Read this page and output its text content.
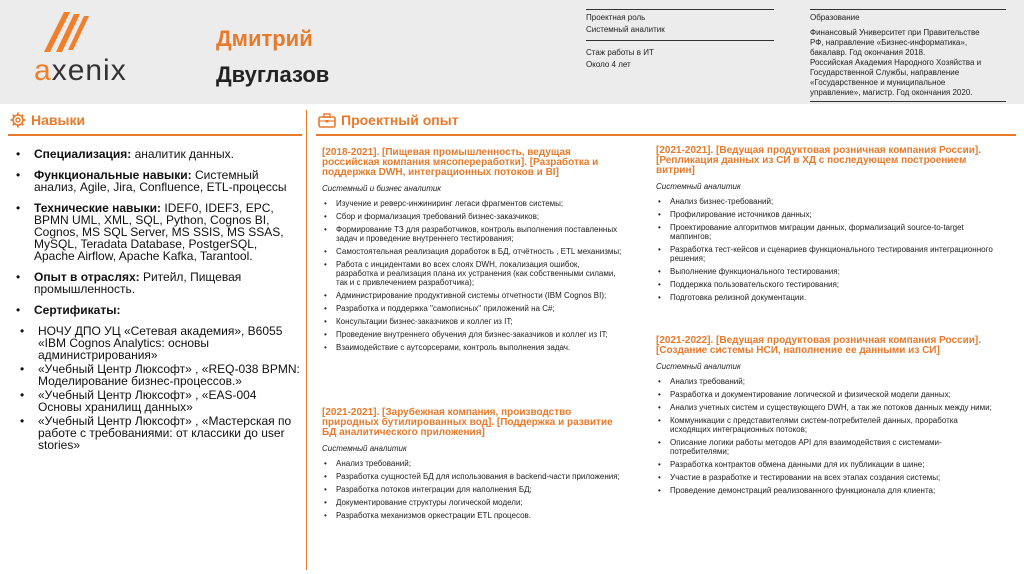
axenix
Дмитрий
Двуглазов
Проектная роль
Системный аналитик
Стаж работы в ИТ
Около 4 лет
Образование
Финансовый Университет при Правительстве
РФ, направление «Бизнес-информатика»,
бакалавр. Год окончания 2018.
Российская Академия Народного Хозяйства и
Государственной Службы, направление
«Государственное и муниципальное
управление», магистр. Год окончания 2020.
Навыки	Проектный опыт
• Специализация: аналитик данных.
• Функциональные навыки: Системный анализ, Agile, Jira, Confluence, ETL-процессы
• Технические навыки: IDEF0, IDEF3, EPC, BPMN UML, XML, SQL, Python, Cognos BI, Cognos, MS SQL Server, MS SSIS, MS SSAS, MySQL, Teradata Database, PostgerSQL, Apache Airflow, Apache Kafka, Tarantool.
• Опыт в отраслях: Ритейл, Пищевая промышленность.
• Сертификаты:
• НОЧУ ДПО УЦ «Сетевая академия», B6055 «IBM Cognos Analytics: основы администрирования»
• «Учебный Центр Люксофт» , «REQ-038 BPMN: Моделирование бизнес-процессов.»
• «Учебный Центр Люксофт» , «EAS-004 Основы хранилищ данных»
• «Учебный Центр Люксофт» , «Мастерская по работе с требованиями: от классики до user stories»
[2018-2021]. [Пищевая промышленность, ведущая российская компания мясопереработки]. [Разработка и поддержка DWH, интеграционных потоков и BI]
Системный и бизнес аналитик
• Изучение и реверс-инжиниринг легаси фрагментов системы;
• Сбор и формализация требований бизнес-заказчиков;
• Формирование ТЗ для разработчиков, контроль выполнения поставленных задач и проведение внутреннего тестирования;
• Самостоятельная реализация доработок в БД, отчётность , ETL механизмы;
• Работа с инцидентами во всех слоях DWH, локализация ошибок, разработка и реализация плана их устранения (как собственными силами, так и с привлечением разработчика);
• Администрирование продуктивной системы отчетности (IBM Cognos BI);
• Разработка и поддержка "самописных" приложений на C#;
• Консультации бизнес-заказчиков и коллег из IT;
• Проведение внутреннего обучения для бизнес-заказчиков и коллег из IT;
• Взаимодействие с аутсорсерами, контроль выполнения задач.
[2021-2021]. [Зарубежная компания, производство природных бутилированных вод]. [Поддержка и развитие БД аналитического приложения]
Системный аналитик
• Анализ требований;
• Разработка сущностей БД для использования в backend-части приложения;
• Разработка потоков интеграции для наполнения БД;
• Документирование структуры логической модели;
• Разработка механизмов оркестрации ETL процесов.
[2021-2021]. [Ведущая продуктовая розничная компания России]. [Репликация данных из СИ в ХД с последующем построением витрин]
Системный аналитик
• Анализ бизнес-требований;
• Профилирование источников данных;
• Проектирование алгоритмов миграции данных, формализаций source-to-target маппингов;
• Разработка тест-кейсов и сценариев функционального тестирования интеграционного решения;
• Выполнение функционального тестирования;
• Поддержка пользовательского тестирования;
• Подготовка релизной документации.
[2021-2022]. [Ведущая продуктовая розничная компания России]. [Создание системы НСИ, наполнение ее данными из СИ]
Системный аналитик
• Анализ требований;
• Разработка и документирование логической и физической модели данных;
• Анализ учетных систем и существующего DWH, а так же потоков данных между ними;
• Коммуникации с представителями систем-потребителей данных, проработка исходящих интеграционных потоков;
• Описание логики работы методов API для взаимодействия с системами-потребителями;
• Разработка контрактов обмена данными для их публикации в шине;
• Участие в разработке и тестировании на всех этапах создания системы;
• Проведение демонстраций реализованного функционала для клиента;
